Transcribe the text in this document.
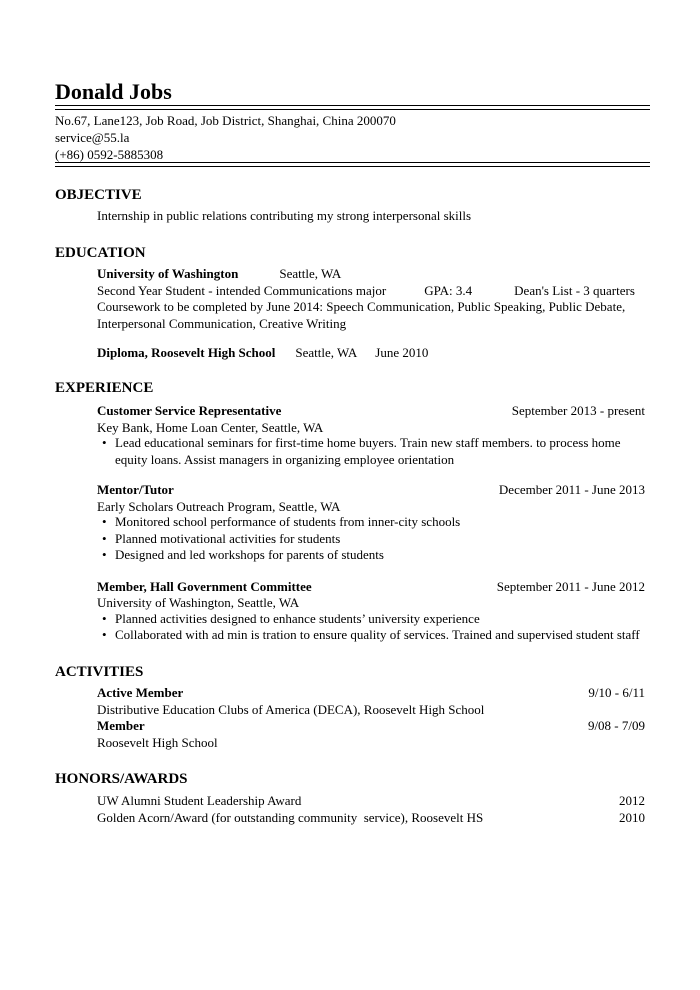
Donald Jobs
No.67, Lane123, Job Road, Job District, Shanghai, China 200070
service@55.la
(+86) 0592-5885308
OBJECTIVE
Internship in public relations contributing my strong interpersonal skills
EDUCATION
University of Washington	Seattle, WA
Second Year Student - intended Communications major	GPA: 3.4	Dean's List - 3 quarters
Coursework to be completed by June 2014: Speech Communication, Public Speaking, Public Debate,
Interpersonal Communication, Creative Writing
Diploma, Roosevelt High School Seattle, WA June 2010
EXPERIENCE
Customer Service Representative	September 2013 - present
Key Bank, Home Loan Center, Seattle, WA
• Lead educational seminars for first-time home buyers. Train new staff members. to process home equity loans. Assist managers in organizing employee orientation
Mentor/Tutor	December 2011 - June 2013
Early Scholars Outreach Program, Seattle, WA
• Monitored school performance of students from inner-city schools
• Planned motivational activities for students
• Designed and led workshops for parents of students
Member, Hall Government Committee	September 2011 - June 2012
University of Washington, Seattle, WA
• Planned activities designed to enhance students’ university experience
• Collaborated with ad min is tration to ensure quality of services. Trained and supervised student staff
ACTIVITIES
Active Member	9/10 - 6/11
Distributive Education Clubs of America (DECA), Roosevelt High School
Member	9/08 - 7/09
Roosevelt High School
HONORS/AWARDS
UW Alumni Student Leadership Award	2012
Golden Acorn/Award (for outstanding community  service), Roosevelt HS	2010
